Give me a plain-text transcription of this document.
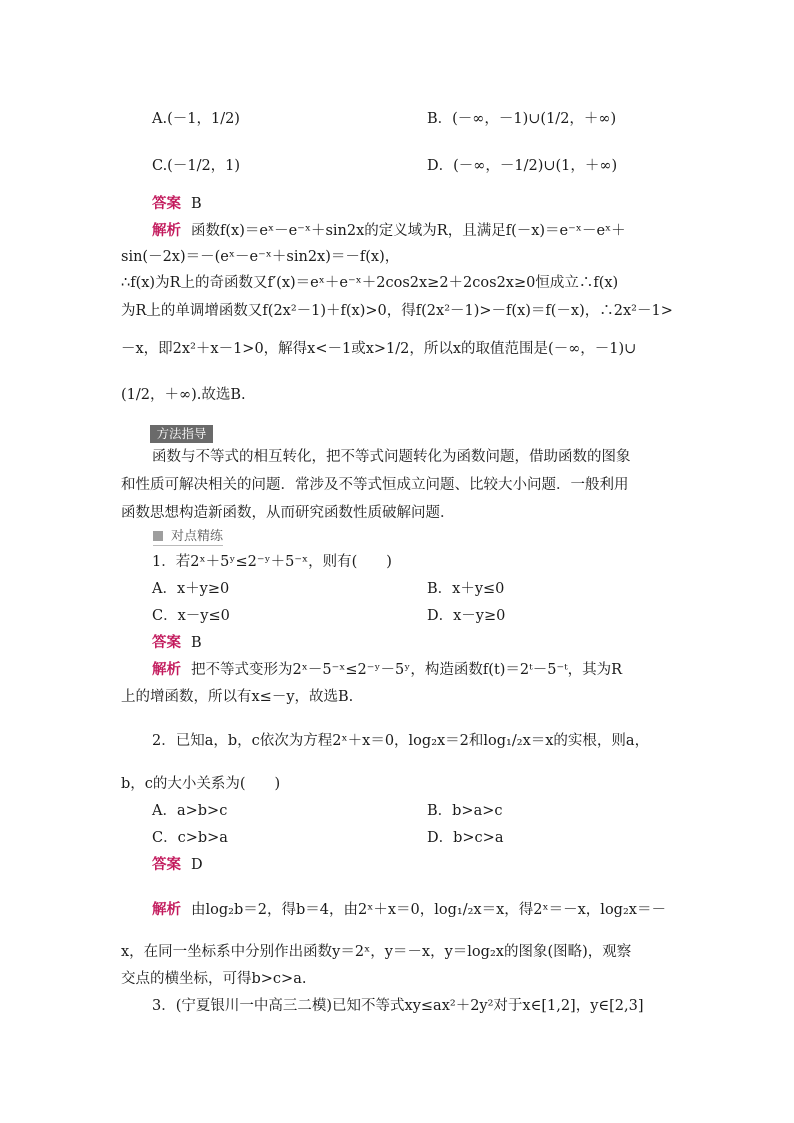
A.(－1，1/2)	B．(－∞，－1)∪(1/2，＋∞)
C.(－1/2，1)	D．(－∞，－1/2)∪(1，＋∞)
答案 B
解析 函数f(x)＝eˣ－e⁻ˣ＋sin2x的定义域为R，且满足f(－x)＝e⁻ˣ－eˣ＋
sin(－2x)＝－(eˣ－e⁻ˣ＋sin2x)＝－f(x)，
∴f(x)为R上的奇函数又f′(x)＝eˣ＋e⁻ˣ＋2cos2x≥2＋2cos2x≥0恒成立∴f(x)
为R上的单调增函数又f(2x²－1)＋f(x)>0，得f(2x²－1)>－f(x)＝f(－x)，∴2x²－1>
－x，即2x²＋x－1>0，解得x<－1或x>1/2，所以x的取值范围是(－∞，－1)∪
(1/2，＋∞).故选B.
方法指导
函数与不等式的相互转化，把不等式问题转化为函数问题，借助函数的图象
和性质可解决相关的问题．常涉及不等式恒成立问题、比较大小问题．一般利用
函数思想构造新函数，从而研究函数性质破解问题．
对点精练
1．若2ˣ＋5ʸ≤2⁻ʸ＋5⁻ˣ，则有(　　)
A．x＋y≥0	B．x＋y≤0
C．x－y≤0	D．x－y≥0
答案 B
解析 把不等式变形为2ˣ－5⁻ˣ≤2⁻ʸ－5ʸ，构造函数f(t)＝2ᵗ－5⁻ᵗ，其为R
上的增函数，所以有x≤－y，故选B.
2．已知a，b，c依次为方程2ˣ＋x＝0，log₂x＝2和log₁/₂x＝x的实根，则a，
b，c的大小关系为(　　)
A．a>b>c	B．b>a>c
C．c>b>a	D．b>c>a
答案 D
解析 由log₂b＝2，得b＝4，由2ˣ＋x＝0，log₁/₂x＝x，得2ˣ＝－x，log₂x＝－
x，在同一坐标系中分别作出函数y＝2ˣ，y＝－x，y＝log₂x的图象(图略)，观察
交点的横坐标，可得b>c>a.
3．(宁夏银川一中高三二模)已知不等式xy≤ax²＋2y²对于x∈[1,2]，y∈[2,3]
